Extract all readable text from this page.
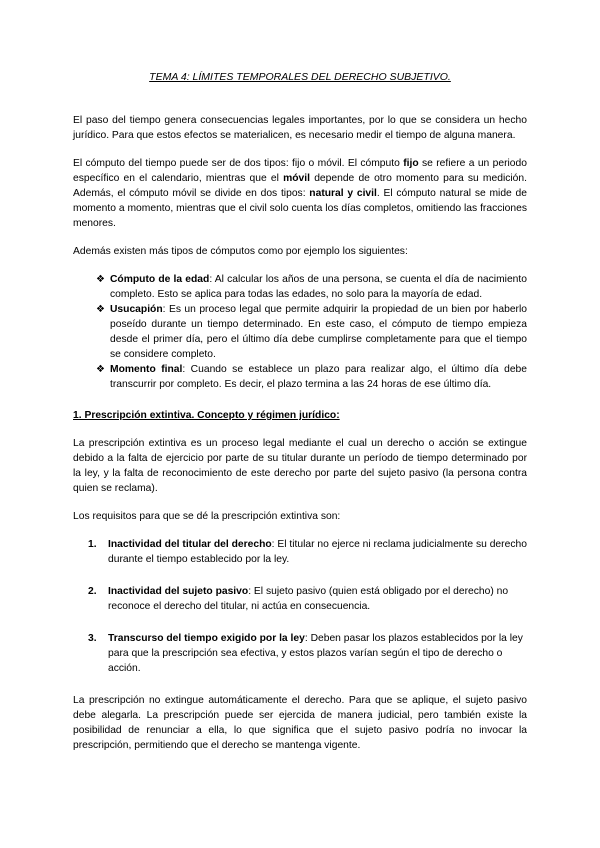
TEMA 4: LÍMITES TEMPORALES DEL DERECHO SUBJETIVO.

El paso del tiempo genera consecuencias legales importantes, por lo que se considera un hecho jurídico. Para que estos efectos se materialicen, es necesario medir el tiempo de alguna manera.

El cómputo del tiempo puede ser de dos tipos: fijo o móvil. El cómputo fijo se refiere a un periodo específico en el calendario, mientras que el móvil depende de otro momento para su medición. Además, el cómputo móvil se divide en dos tipos: natural y civil. El cómputo natural se mide de momento a momento, mientras que el civil solo cuenta los días completos, omitiendo las fracciones menores.

Además existen más tipos de cómputos como por ejemplo los siguientes:

❖ Cómputo de la edad: Al calcular los años de una persona, se cuenta el día de nacimiento completo. Esto se aplica para todas las edades, no solo para la mayoría de edad.
❖ Usucapión: Es un proceso legal que permite adquirir la propiedad de un bien por haberlo poseído durante un tiempo determinado. En este caso, el cómputo de tiempo empieza desde el primer día, pero el último día debe cumplirse completamente para que el tiempo se considere completo.
❖ Momento final: Cuando se establece un plazo para realizar algo, el último día debe transcurrir por completo. Es decir, el plazo termina a las 24 horas de ese último día.
1. Prescripción extintiva. Concepto y régimen jurídico:

La prescripción extintiva es un proceso legal mediante el cual un derecho o acción se extingue debido a la falta de ejercicio por parte de su titular durante un período de tiempo determinado por la ley, y la falta de reconocimiento de este derecho por parte del sujeto pasivo (la persona contra quien se reclama).

Los requisitos para que se dé la prescripción extintiva son:

1. Inactividad del titular del derecho: El titular no ejerce ni reclama judicialmente su derecho durante el tiempo establecido por la ley.
2. Inactividad del sujeto pasivo: El sujeto pasivo (quien está obligado por el derecho) no reconoce el derecho del titular, ni actúa en consecuencia.
3. Transcurso del tiempo exigido por la ley: Deben pasar los plazos establecidos por la ley para que la prescripción sea efectiva, y estos plazos varían según el tipo de derecho o acción.

La prescripción no extingue automáticamente el derecho. Para que se aplique, el sujeto pasivo debe alegarla. La prescripción puede ser ejercida de manera judicial, pero también existe la posibilidad de renunciar a ella, lo que significa que el sujeto pasivo podría no invocar la prescripción, permitiendo que el derecho se mantenga vigente.
